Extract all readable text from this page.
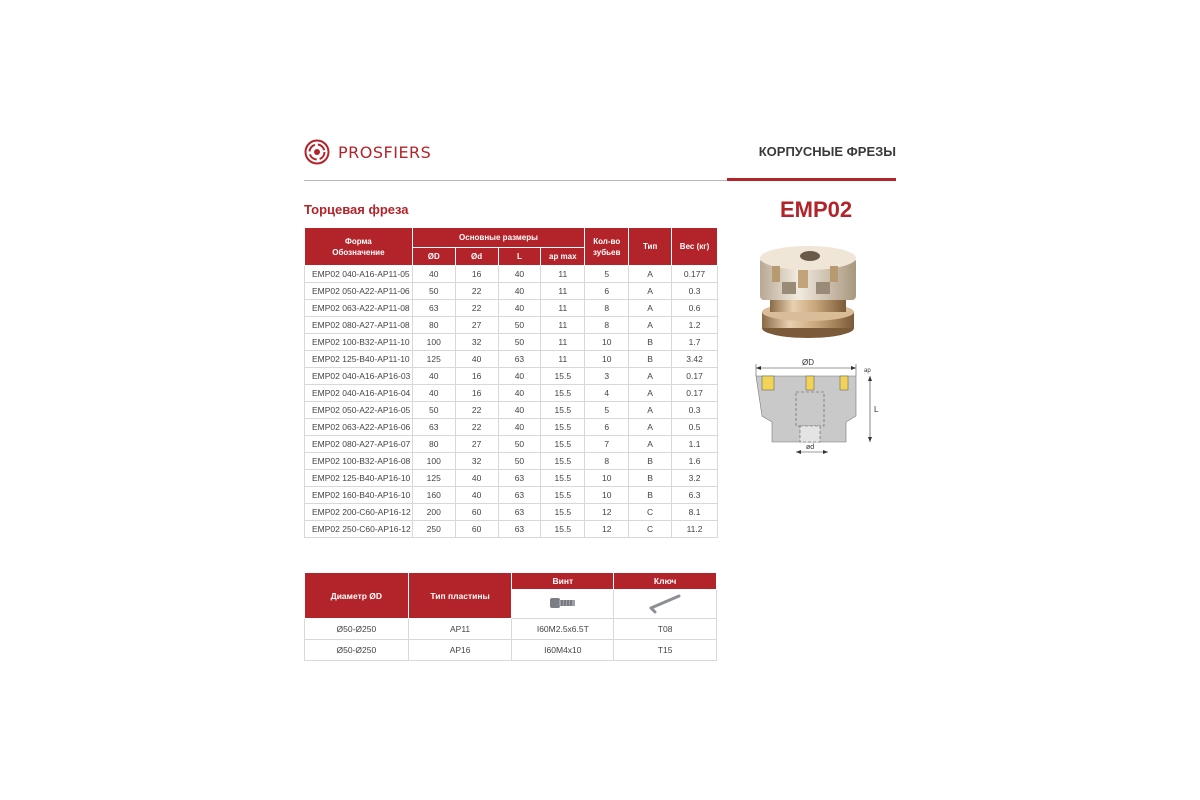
PROSFIERS	КОРПУСНЫЕ ФРЕЗЫ
Торцевая фреза	EMP02
Форма Обозначение	Основные размеры				Кол-во зубьев	Тип	Вес (кг)
	ØD	Ød	L	ap max			
EMP02 040-A16-AP11-05	40	16	40	11	5	A	0.177
EMP02 050-A22-AP11-06	50	22	40	11	6	A	0.3
EMP02 063-A22-AP11-08	63	22	40	11	8	A	0.6
EMP02 080-A27-AP11-08	80	27	50	11	8	A	1.2
EMP02 100-B32-AP11-10	100	32	50	11	10	B	1.7
EMP02 125-B40-AP11-10	125	40	63	11	10	B	3.42
EMP02 040-A16-AP16-03	40	16	40	15.5	3	A	0.17
EMP02 040-A16-AP16-04	40	16	40	15.5	4	A	0.17
EMP02 050-A22-AP16-05	50	22	40	15.5	5	A	0.3
EMP02 063-A22-AP16-06	63	22	40	15.5	6	A	0.5
EMP02 080-A27-AP16-07	80	27	50	15.5	7	A	1.1
EMP02 100-B32-AP16-08	100	32	50	15.5	8	B	1.6
EMP02 125-B40-AP16-10	125	40	63	15.5	10	B	3.2
EMP02 160-B40-AP16-10	160	40	63	15.5	10	B	6.3
EMP02 200-C60-AP16-12	200	60	63	15.5	12	C	8.1
EMP02 250-C60-AP16-12	250	60	63	15.5	12	C	11.2
ØD
ap
L
ød
Диаметр ØD	Тип пластины	Винт	Ключ

Ø50-Ø250	AP11	I60M2.5x6.5T	T08
Ø50-Ø250	AP16	I60M4x10	T15
